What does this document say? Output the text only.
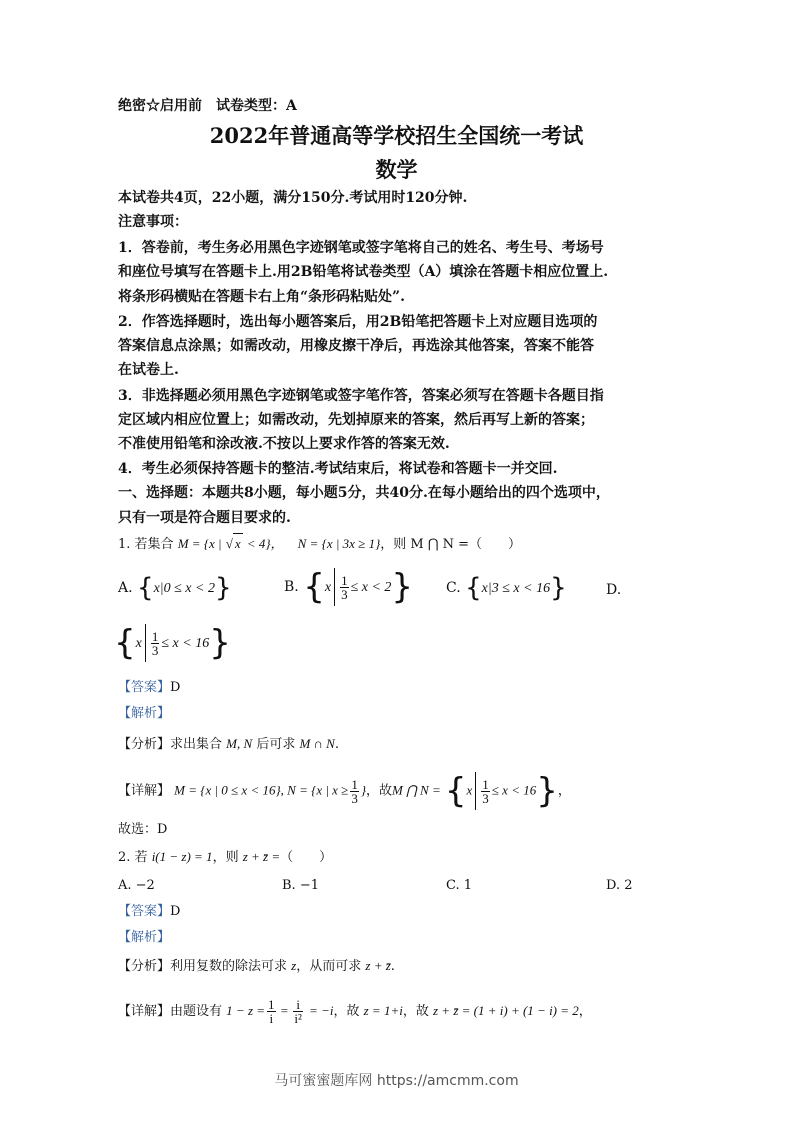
绝密☆启用前　试卷类型：A
2022年普通高等学校招生全国统一考试
数学
本试卷共4页，22小题，满分150分.考试用时120分钟.
注意事项：
1．答卷前，考生务必用黑色字迹钢笔或签字笔将自己的姓名、考生号、考场号
和座位号填写在答题卡上.用2B铅笔将试卷类型（A）填涂在答题卡相应位置上.
将条形码横贴在答题卡右上角“条形码粘贴处”.
2．作答选择题时，选出每小题答案后，用2B铅笔把答题卡上对应题目选项的
答案信息点涂黑；如需改动，用橡皮擦干净后，再选涂其他答案，答案不能答
在试卷上.
3．非选择题必须用黑色字迹钢笔或签字笔作答，答案必须写在答题卡各题目指
定区域内相应位置上；如需改动，先划掉原来的答案，然后再写上新的答案；
不准使用铅笔和涂改液.不按以上要求作答的答案无效.
4．考生必须保持答题卡的整洁.考试结束后，将试卷和答题卡一并交回.
一、选择题：本题共8小题，每小题5分，共40分.在每小题给出的四个选项中，
只有一项是符合题目要求的.
1. 若集合 M = {x | √ x < 4}， N = {x | 3x ≥ 1}，则 M ⋂ N =（　　）
A. {x|0 ≤ x < 2}	B. $\{x \frac{1}{3} \le x < 2\}$ C. {x|3 ≤ x < 16}	D.
$\{x \frac{1}{3} \le x < 16\}$
【答案】D
【解析】
【分析】求出集合 M, N 后可求 M ∩ N.
【详解】 M = {x | 0 ≤ x < 16}, N = {x | $x \ge \frac{1}{3}$ }，故M ⋂ $N = \{x \frac{1}{3} \le x < 16\}$，
故选：D
2. 若 i(1 − z) = 1，则 z + z̄ =（　　）
A. −2	B. −1	C. 1	D. 2
【答案】D
【解析】
【分析】利用复数的除法可求 z，从而可求 z + z̄.
【详解】由题设有 $1 - z = \frac{1}{i} = \frac{i}{\text{i²}} = -i$，故 z = 1+i，故 z + z̄ = (1 + i) + (1 − i) = 2，
马可蜜蜜题库网 https://amcmm.com
